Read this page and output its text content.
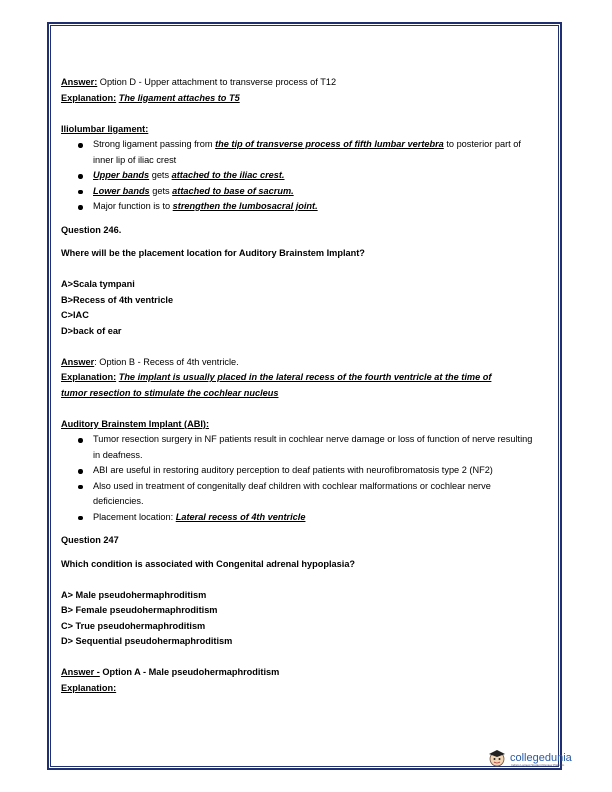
Answer: Option D - Upper attachment to transverse process of T12
Explanation: The ligament attaches to T5
Iliolumbar ligament:
Strong ligament passing from the tip of transverse process of fifth lumbar vertebra to posterior part of inner lip of iliac crest
Upper bands gets attached to the iliac crest.
Lower bands gets attached to base of sacrum.
Major function is to strengthen the lumbosacral joint.
Question 246.
Where will be the placement location for Auditory Brainstem Implant?
A>Scala tympani
B>Recess of 4th ventricle
C>IAC
D>back of ear
Answer: Option B - Recess of 4th ventricle.
Explanation: The implant is usually placed in the lateral recess of the fourth ventricle at the time of
tumor resection to stimulate the cochlear nucleus
Auditory Brainstem Implant (ABI):
Tumor resection surgery in NF patients result in cochlear nerve damage or loss of function of nerve resulting in deafness.
ABI are useful in restoring auditory perception to deaf patients with neurofibromatosis type 2 (NF2)
Also used in treatment of congenitally deaf children with cochlear malformations or cochlear nerve deficiencies.
Placement location: Lateral recess of 4th ventricle
Question 247
Which condition is associated with Congenital adrenal hypoplasia?
A> Male pseudohermaphroditism
B> Female pseudohermaphroditism
C> True pseudohermaphroditism
D> Sequential pseudohermaphroditism
Answer - Option A - Male pseudohermaphroditism
Explanation:
collegedunia
India's Largest Student Review Platform
